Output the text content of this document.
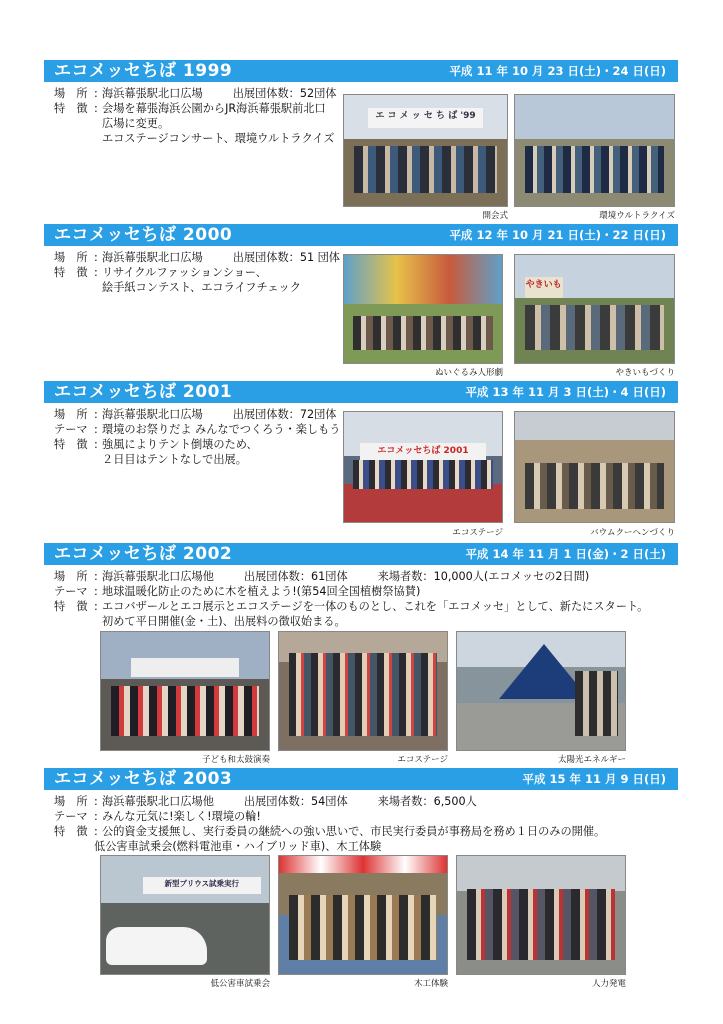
エコメッセちば 1999	平成 11 年 10 月 23 日(土)・24 日(日)
場　所 : 海浜幕張駅北口広場	出展団体数：52団体
特　徴 : 会場を幕張海浜公園からJR海浜幕張駅前北口
広場に変更。
エコステージコンサート、環境ウルトラクイズ
エ コ メ ッ セ ち ば '99
開会式	環境ウルトラクイズ
エコメッセちば 2000	平成 12 年 10 月 21 日(土)・22 日(日)
場　所 : 海浜幕張駅北口広場	出展団体数：51 団体
特　徴 : リサイクルファッションショー、
絵手紙コンテスト、エコライフチェック
ぬいぐるみ人形劇
やきいも
やきいもづくり
エコメッセちば 2001	平成 13 年 11 月 3 日(土)・4 日(日)
場　所 : 海浜幕張駅北口広場	出展団体数：72団体
テーマ : 環境のお祭りだよ みんなでつくろう・楽しもう
特　徴 : 強風によりテント倒壊のため、
２日目はテントなしで出展。
エコメッセちば 2001
エコステージ	バウムクーヘンづくり
エコメッセちば 2002	平成 14 年 11 月 1 日(金)・2 日(土)
場　所 : 海浜幕張駅北口広場他	出展団体数：61団体	来場者数：10,000人(エコメッセの2日間)
テーマ : 地球温暖化防止のために木を植えよう!(第54回全国植樹祭協賛)
特　徴 : エコバザールとエコ展示とエコステージを一体のものとし、これを「エコメッセ」として、新たにスタート。
初めて平日開催(金・土)、出展料の徴収始まる。
子ども和太鼓演奏	エコステージ	太陽光エネルギー
エコメッセちば 2003	平成 15 年 11 月 9 日(日)
場　所 : 海浜幕張駅北口広場他	出展団体数：54団体	来場者数：6,500人
テーマ : みんな元気に!楽しく!環境の輪!
特　徴 : 公的資金支援無し、実行委員の継続への強い思いで、市民実行委員が事務局を務め１日のみの開催。
低公害車試乗会(燃料電池車・ハイブリッド車)、木工体験
新型プリウス試乗実行
低公害車試乗会	木工体験	人力発電
